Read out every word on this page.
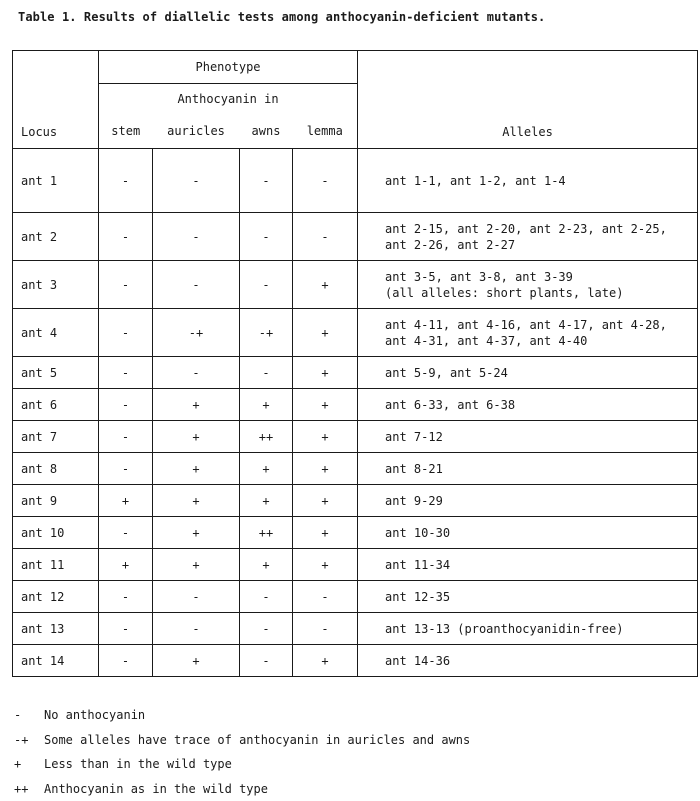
Table 1. Results of diallelic tests among anthocyanin-deficient mutants.
Locus	Phenotype				Alleles
	Anthocyanin in				
	stem	auricles	awns	lemma	
ant 1	-	-	-	-	ant 1-1, ant 1-2, ant 1-4

ant 2	-	-	-	-	ant 2-15, ant 2-20, ant 2-23, ant 2-25,
ant 2-26, ant 2-27

ant 3	-	-	-	+	ant 3-5, ant 3-8, ant 3-39
(all alleles: short plants, late)

ant 4	-	-+	-+	+	ant 4-11, ant 4-16, ant 4-17, ant 4-28,
ant 4-31, ant 4-37, ant 4-40

ant 5	-	-	-	+	ant 5-9, ant 5-24

ant 6	-	+	+	+	ant 6-33, ant 6-38

ant 7	-	+	++	+	ant 7-12

ant 8	-	+	+	+	ant 8-21

ant 9	+	+	+	+	ant 9-29

ant 10	-	+	++	+	ant 10-30

ant 11	+	+	+	+	ant 11-34

ant 12	-	-	-	-	ant 12-35

ant 13	-	-	-	-	ant 13-13 (proanthocyanidin-free)

ant 14	-	+	-	+	ant 14-36
- No anthocyanin
-+ Some alleles have trace of anthocyanin in auricles and awns
+ Less than in the wild type
++ Anthocyanin as in the wild type
